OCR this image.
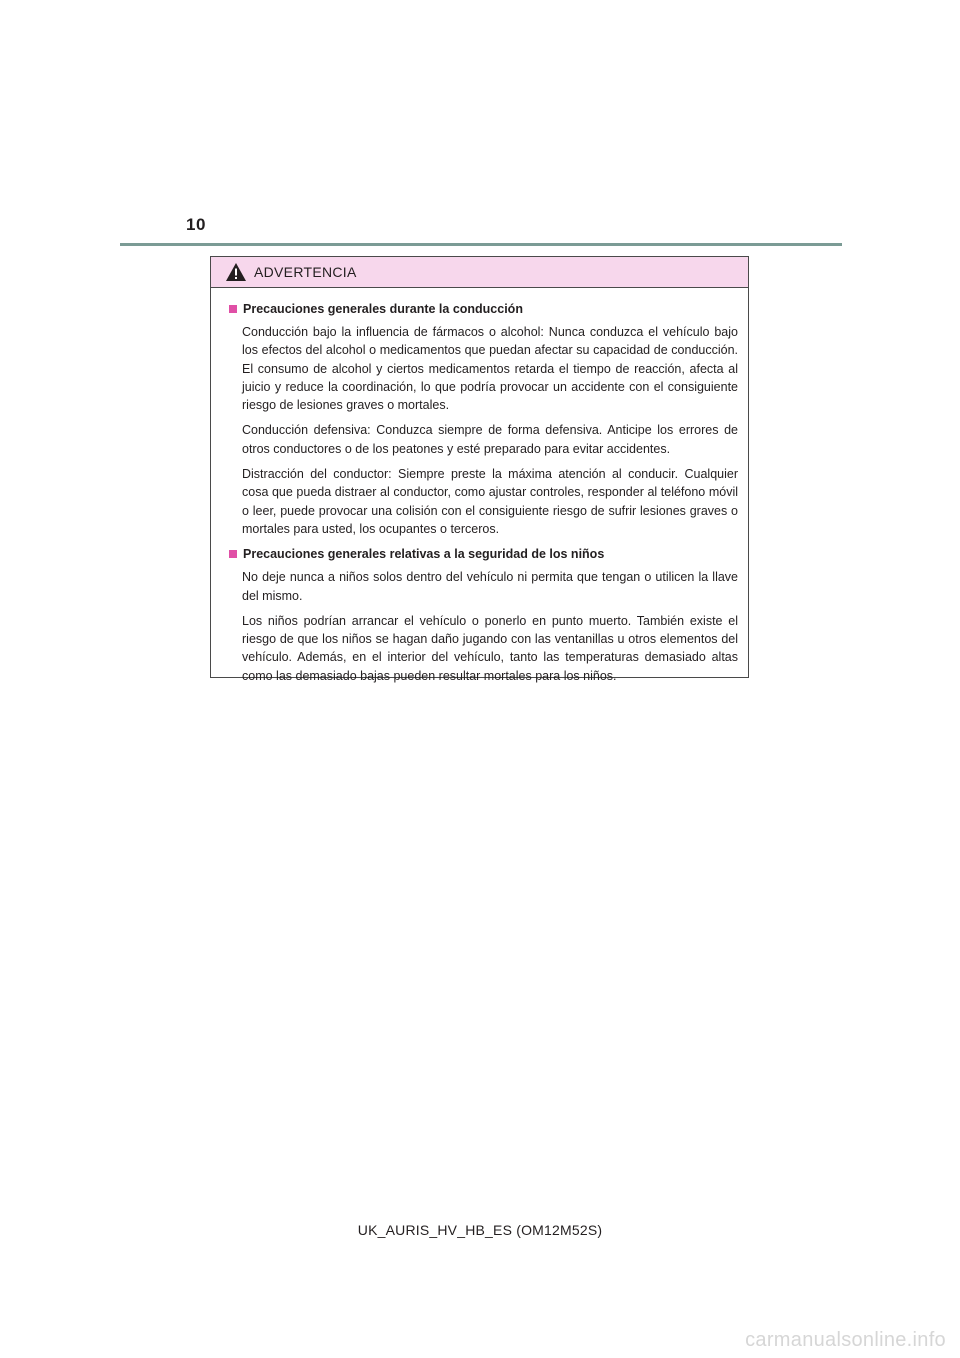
10
ADVERTENCIA
Precauciones generales durante la conducción

Conducción bajo la influencia de fármacos o alcohol: Nunca conduzca el vehículo bajo los efectos del alcohol o medicamentos que puedan afectar su capacidad de conducción. El consumo de alcohol y ciertos medicamentos retarda el tiempo de reacción, afecta al juicio y reduce la coordinación, lo que podría provocar un accidente con el consiguiente riesgo de lesiones graves o mortales.

Conducción defensiva: Conduzca siempre de forma defensiva. Anticipe los errores de otros conductores o de los peatones y esté preparado para evitar accidentes.

Distracción del conductor: Siempre preste la máxima atención al conducir. Cualquier cosa que pueda distraer al conductor, como ajustar controles, responder al teléfono móvil o leer, puede provocar una colisión con el consiguiente riesgo de sufrir lesiones graves o mortales para usted, los ocupantes o terceros.

Precauciones generales relativas a la seguridad de los niños

No deje nunca a niños solos dentro del vehículo ni permita que tengan o utilicen la llave del mismo.

Los niños podrían arrancar el vehículo o ponerlo en punto muerto. También existe el riesgo de que los niños se hagan daño jugando con las ventanillas u otros elementos del vehículo. Además, en el interior del vehículo, tanto las temperaturas demasiado altas como las demasiado bajas pueden resultar mortales para los niños.

UK_AURIS_HV_HB_ES (OM12M52S)
carmanualsonline.info
